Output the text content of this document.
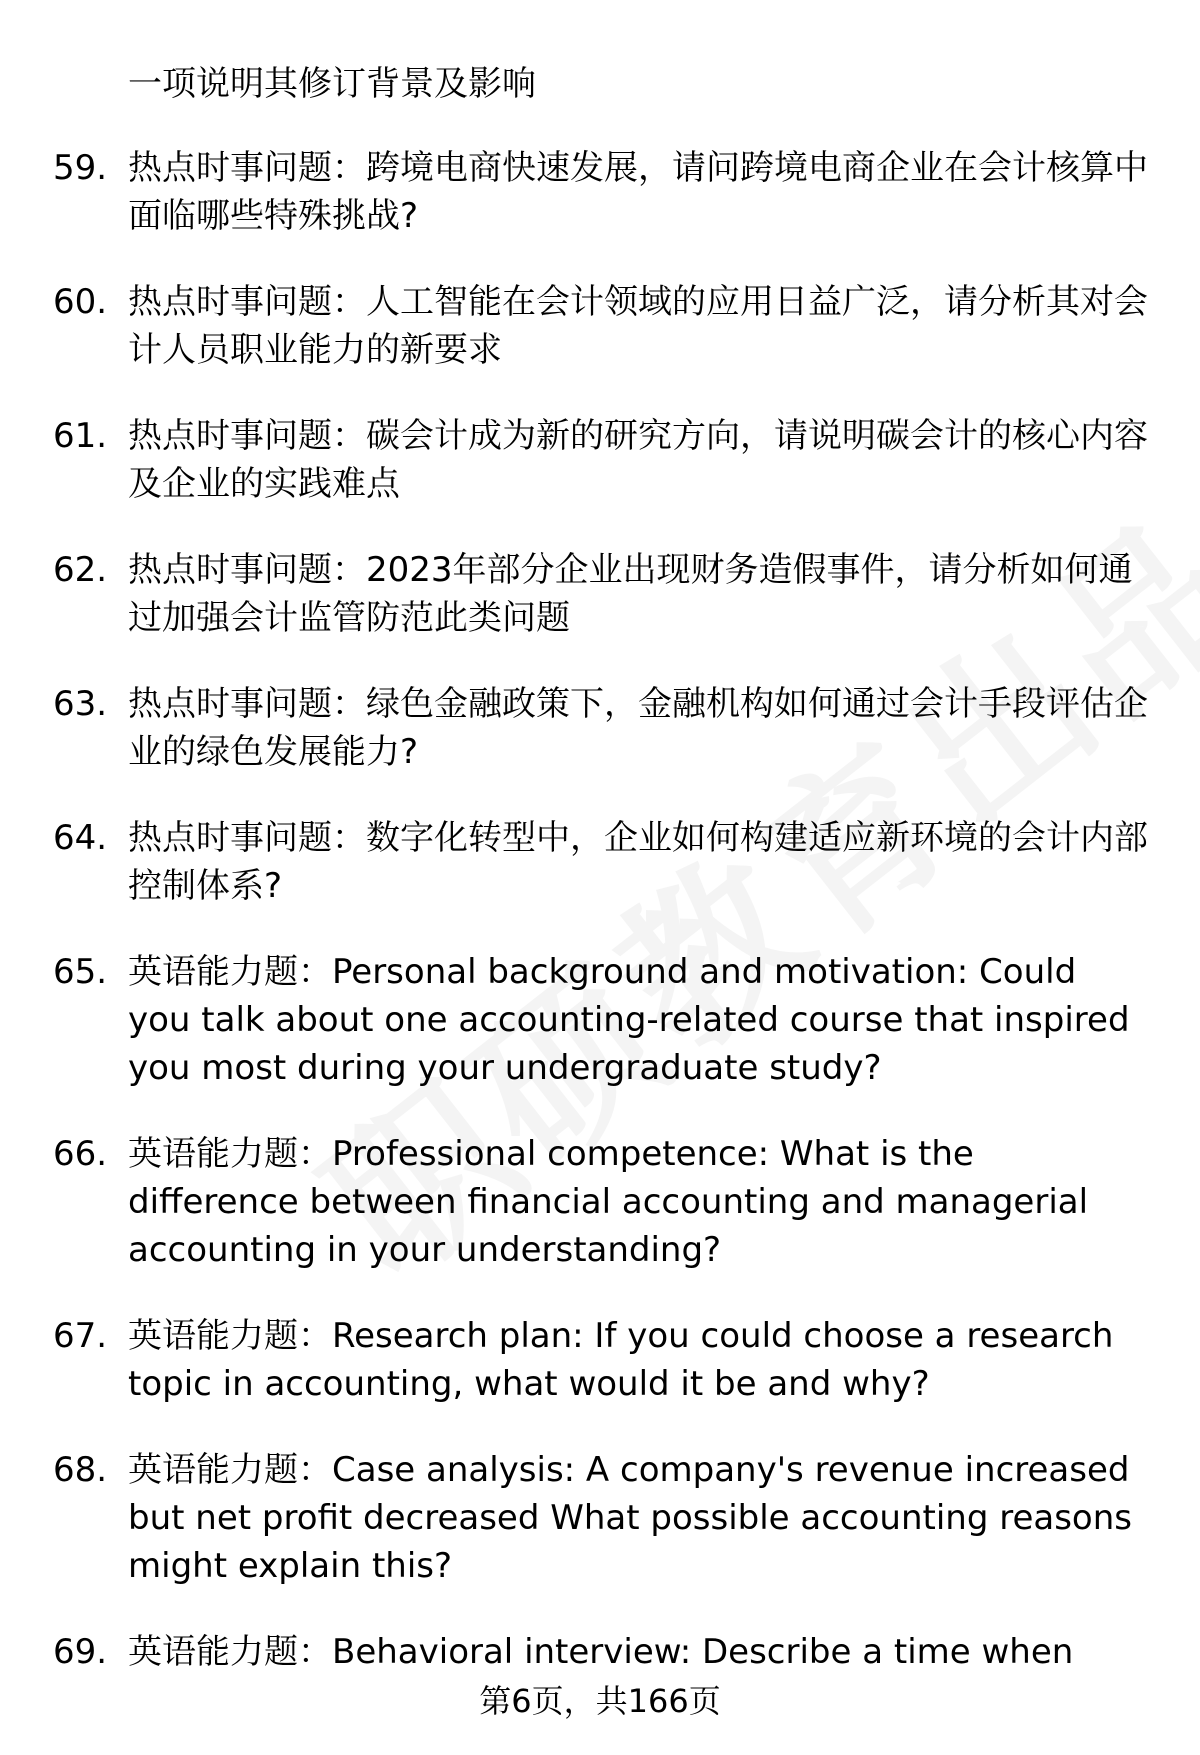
一项说明其修订背景及影响
59. 热点时事问题：跨境电商快速发展，请问跨境电商企业在会计核算中面临哪些特殊挑战?
60. 热点时事问题：人工智能在会计领域的应用日益广泛，请分析其对会计人员职业能力的新要求
61. 热点时事问题：碳会计成为新的研究方向，请说明碳会计的核心内容及企业的实践难点
62. 热点时事问题：2023年部分企业出现财务造假事件，请分析如何通过加强会计监管防范此类问题
63. 热点时事问题：绿色金融政策下，金融机构如何通过会计手段评估企业的绿色发展能力?
64. 热点时事问题：数字化转型中，企业如何构建适应新环境的会计内部控制体系?
65. 英语能力题：Personal background and motivation: Could you talk about one accounting-related course that inspired you most during your undergraduate study?
66. 英语能力题：Professional competence: What is the difference between financial accounting and managerial accounting in your understanding?
67. 英语能力题：Research plan: If you could choose a research topic in accounting, what would it be and why?
68. 英语能力题：Case analysis: A company's revenue increased but net profit decreased What possible accounting reasons might explain this?
69. 英语能力题：Behavioral interview: Describe a time when
第6页，共166页
